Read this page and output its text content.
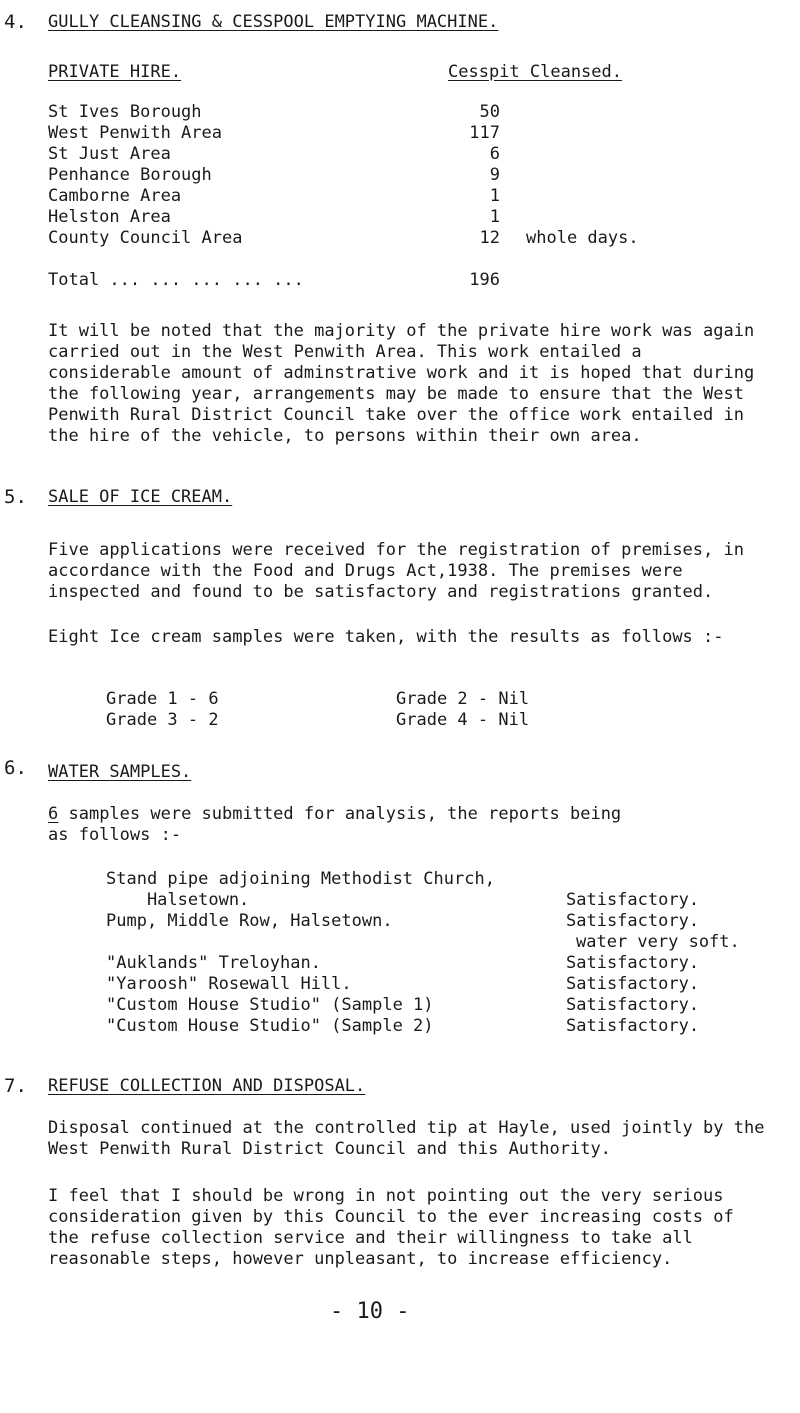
4. GULLY CLEANSING & CESSPOOL EMPTYING MACHINE.
PRIVATE HIRE.	Cesspit Cleansed.
St Ives Borough	50
West Penwith Area	117
St Just Area	6
Penhance Borough	9
Camborne Area	1
Helston Area	1
County Council Area	12 whole days.
Total ... ... ... ... ...	196
It will be noted that the majority of the private hire work was again carried out in the West Penwith Area. This work entailed a considerable amount of adminstrative work and it is hoped that during the following year, arrangements may be made to ensure that the West Penwith Rural District Council take over the office work entailed in the hire of the vehicle, to persons within their own area.
5. SALE OF ICE CREAM.
Five applications were received for the registration of premises, in accordance with the Food and Drugs Act,1938. The premises were inspected and found to be satisfactory and registrations granted.
Eight Ice cream samples were taken, with the results as follows :-
Grade 1 - 6	Grade 2 - Nil
Grade 3 - 2	Grade 4 - Nil
6. WATER SAMPLES.
6 samples were submitted for analysis, the reports being as follows :-
Stand pipe adjoining Methodist Church,
Halsetown.	Satisfactory.
Pump, Middle Row, Halsetown.	Satisfactory.
water very soft.
"Auklands" Treloyhan.	Satisfactory.
"Yaroosh" Rosewall Hill.	Satisfactory.
"Custom House Studio" (Sample 1)	Satisfactory.
"Custom House Studio" (Sample 2)	Satisfactory.
7. REFUSE COLLECTION AND DISPOSAL.
Disposal continued at the controlled tip at Hayle, used jointly by the West Penwith Rural District Council and this Authority.
I feel that I should be wrong in not pointing out the very serious consideration given by this Council to the ever increasing costs of the refuse collection service and their willingness to take all reasonable steps, however unpleasant, to increase efficiency.
- 10 -
